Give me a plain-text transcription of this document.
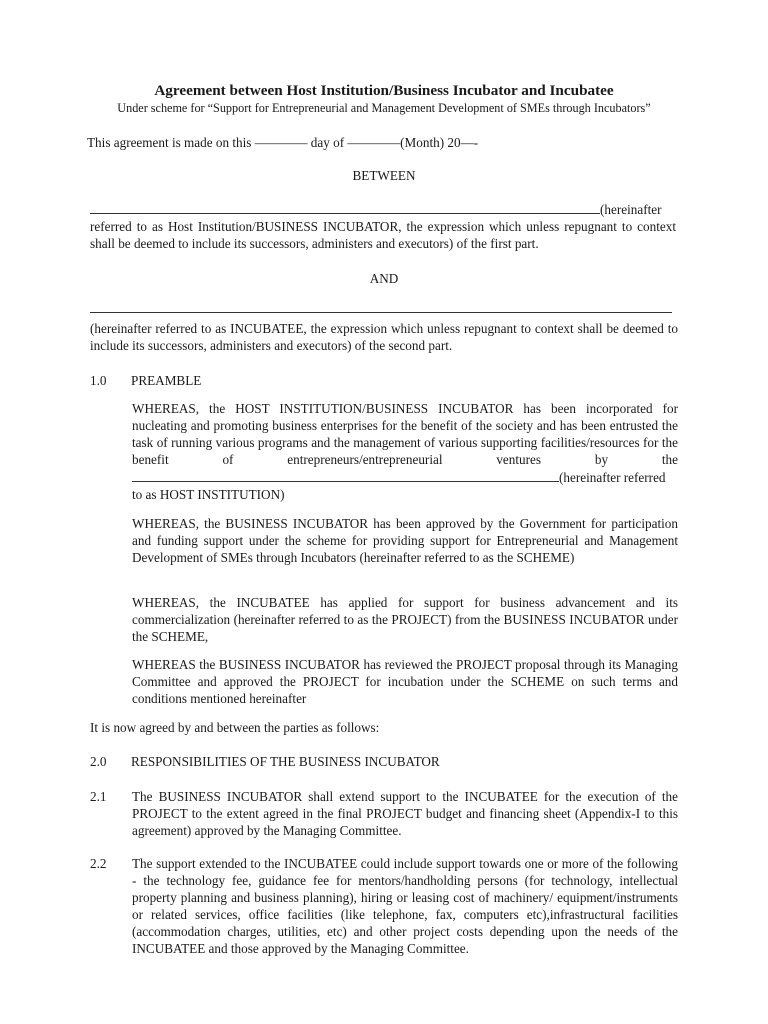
Agreement between Host Institution/Business Incubator and Incubatee
Under scheme for “Support for Entrepreneurial and Management Development of SMEs through Incubators”
This agreement is made on this ———— day of ————(Month) 20—-
BETWEEN
(hereinafter
referred to as Host Institution/BUSINESS INCUBATOR, the expression which unless repugnant to context shall be deemed to include its successors, administers and executors) of the first part.
AND
(hereinafter referred to as INCUBATEE, the expression which unless repugnant to context shall be deemed to include its successors, administers and executors) of the second part.
1.0 PREAMBLE
WHEREAS, the HOST INSTITUTION/BUSINESS INCUBATOR has been incorporated for nucleating and promoting business enterprises for the benefit of the society and has been entrusted the task of running various programs and the management of various supporting facilities/resources for the benefit of entrepreneurs/entrepreneurial ventures by the
(hereinafter referred
to as HOST INSTITUTION)
WHEREAS, the BUSINESS INCUBATOR has been approved by the Government for participation and funding support under the scheme for providing support for Entrepreneurial and Management Development of SMEs through Incubators (hereinafter referred to as the SCHEME)
WHEREAS, the INCUBATEE has applied for support for business advancement and its commercialization (hereinafter referred to as the PROJECT) from the BUSINESS INCUBATOR under the SCHEME,
WHEREAS the BUSINESS INCUBATOR has reviewed the PROJECT proposal through its Managing Committee and approved the PROJECT for incubation under the SCHEME on such terms and conditions mentioned hereinafter
It is now agreed by and between the parties as follows:
2.0 RESPONSIBILITIES OF THE BUSINESS INCUBATOR
2.1 The BUSINESS INCUBATOR shall extend support to the INCUBATEE for the execution of the PROJECT to the extent agreed in the final PROJECT budget and financing sheet (Appendix-I to this agreement) approved by the Managing Committee.
2.2 The support extended to the INCUBATEE could include support towards one or more of the following - the technology fee, guidance fee for mentors/handholding persons (for technology, intellectual property planning and business planning), hiring or leasing cost of machinery/ equipment/instruments or related services, office facilities (like telephone, fax, computers etc),infrastructural facilities (accommodation charges, utilities, etc) and other project costs depending upon the needs of the INCUBATEE and those approved by the Managing Committee.
